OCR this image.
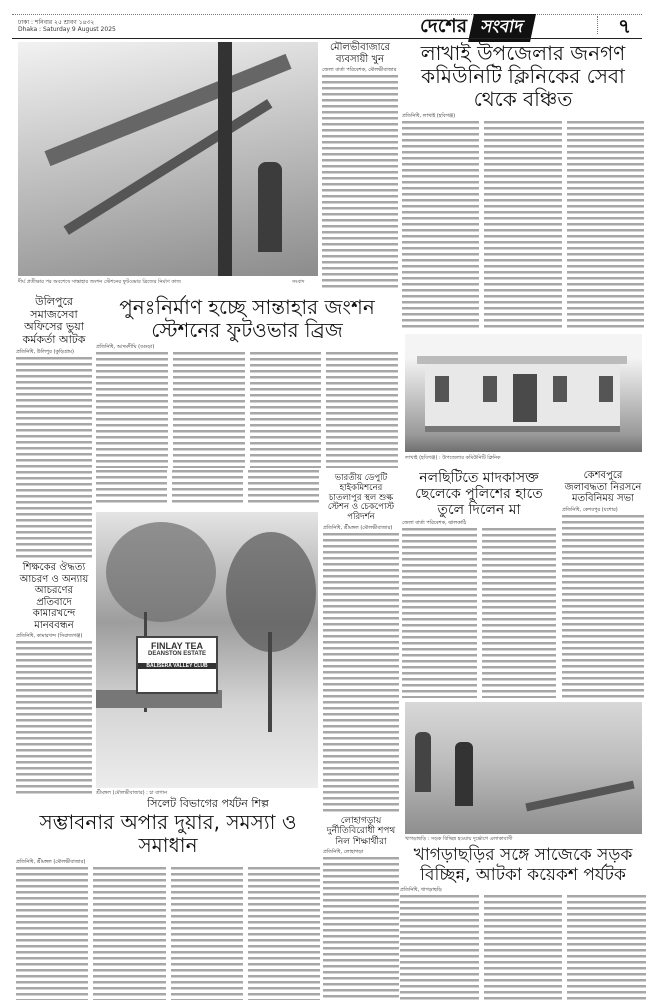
ঢাকা : শনিবার ২৫ শ্রাবণ ১৪৩২
Dhaka : Saturday 9 August 2025	দেশের সংবাদ	৭
দীর্ঘ প্রতীক্ষার পর অবশেষে সান্তাহার জংশন স্টেশনের ফুটওভার ব্রিজের নির্মাণ কাজ	সংবাদ
মৌলভীবাজারে ব্যবসায়ী খুন
জেলা বার্তা পরিবেশক, মৌলভীবাজার
লাখাই উপজেলার জনগণ কমিউনিটি ক্লিনিকের সেবা থেকে বঞ্চিত
প্রতিনিধি, লাখাই (হবিগঞ্জ)
লাখাই (হবিগঞ্জ) : উপজেলার কমিউনিটি ক্লিনিক
উলিপুরে সমাজসেবা অফিসের ভুয়া কর্মকর্তা আটক
প্রতিনিধি, উলিপুর (কুড়িগ্রাম)
শিক্ষকের ঔদ্ধত্য আচরণ ও অন্যায় আচরণের প্রতিবাদে কামারখন্দে মানববন্ধন
প্রতিনিধি, কামারখন্দ (সিরাজগঞ্জ)
পুনঃনির্মাণ হচ্ছে সান্তাহার জংশন স্টেশনের ফুটওভার ব্রিজ
প্রতিনিধি, আদমদীঘি (বগুড়া)
ভারতীয় ডেপুটি হাইকমিশনের চাতলাপুর স্থল শুল্ক স্টেশন ও চেকপোস্ট পরিদর্শন
প্রতিনিধি, শ্রীমঙ্গল (মৌলভীবাজার)
FINLAY TEA
DEANSTON ESTATE
BALISERA VALLEY CLUB
শ্রীমঙ্গল (মৌলভীবাজার) : চা বাগান
সিলেট বিভাগের পর্যটন শিল্প
সম্ভাবনার অপার দুয়ার, সমস্যা ও সমাধান
প্রতিনিধি, শ্রীমঙ্গল (মৌলভীবাজার)
লোহাগড়ায় দুর্নীতিবিরোধী শপথ নিল শিক্ষার্থীরা
প্রতিনিধি, লোহাগড়া
নলছিটিতে মাদকাসক্ত ছেলেকে পুলিশের হাতে তুলে দিলেন মা
জেলা বার্তা পরিবেশক, ঝালকাঠি
কেশবপুরে জলাবদ্ধতা নিরসনে মতবিনিময় সভা
প্রতিনিধি, কেশবপুর (যশোর)
খাগড়াছড়ি : সড়ক বিচ্ছিন্ন হওয়ায় দুর্ভোগে এলাকাবাসী
খাগড়াছড়ির সঙ্গে সাজেকে সড়ক বিচ্ছিন্ন, আটকা কয়েকশ পর্যটক
প্রতিনিধি, খাগড়াছড়ি
